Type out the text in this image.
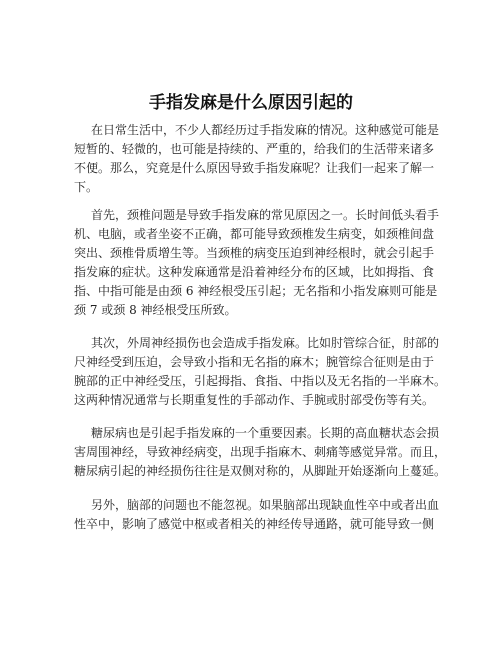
手指发麻是什么原因引起的
在日常生活中，不少人都经历过手指发麻的情况。这种感觉可能是
短暂的、轻微的，也可能是持续的、严重的，给我们的生活带来诸多
不便。那么，究竟是什么原因导致手指发麻呢？让我们一起来了解一
下。
首先，颈椎问题是导致手指发麻的常见原因之一。长时间低头看手
机、电脑，或者坐姿不正确，都可能导致颈椎发生病变，如颈椎间盘
突出、颈椎骨质增生等。当颈椎的病变压迫到神经根时，就会引起手
指发麻的症状。这种发麻通常是沿着神经分布的区域，比如拇指、食
指、中指可能是由颈 6 神经根受压引起；无名指和小指发麻则可能是
颈 7 或颈 8 神经根受压所致。
其次，外周神经损伤也会造成手指发麻。比如肘管综合征，肘部的
尺神经受到压迫，会导致小指和无名指的麻木；腕管综合征则是由于
腕部的正中神经受压，引起拇指、食指、中指以及无名指的一半麻木。
这两种情况通常与长期重复性的手部动作、手腕或肘部受伤等有关。
糖尿病也是引起手指发麻的一个重要因素。长期的高血糖状态会损
害周围神经，导致神经病变，出现手指麻木、刺痛等感觉异常。而且，
糖尿病引起的神经损伤往往是双侧对称的，从脚趾开始逐渐向上蔓延。
另外，脑部的问题也不能忽视。如果脑部出现缺血性卒中或者出血
性卒中，影响了感觉中枢或者相关的神经传导通路，就可能导致一侧
